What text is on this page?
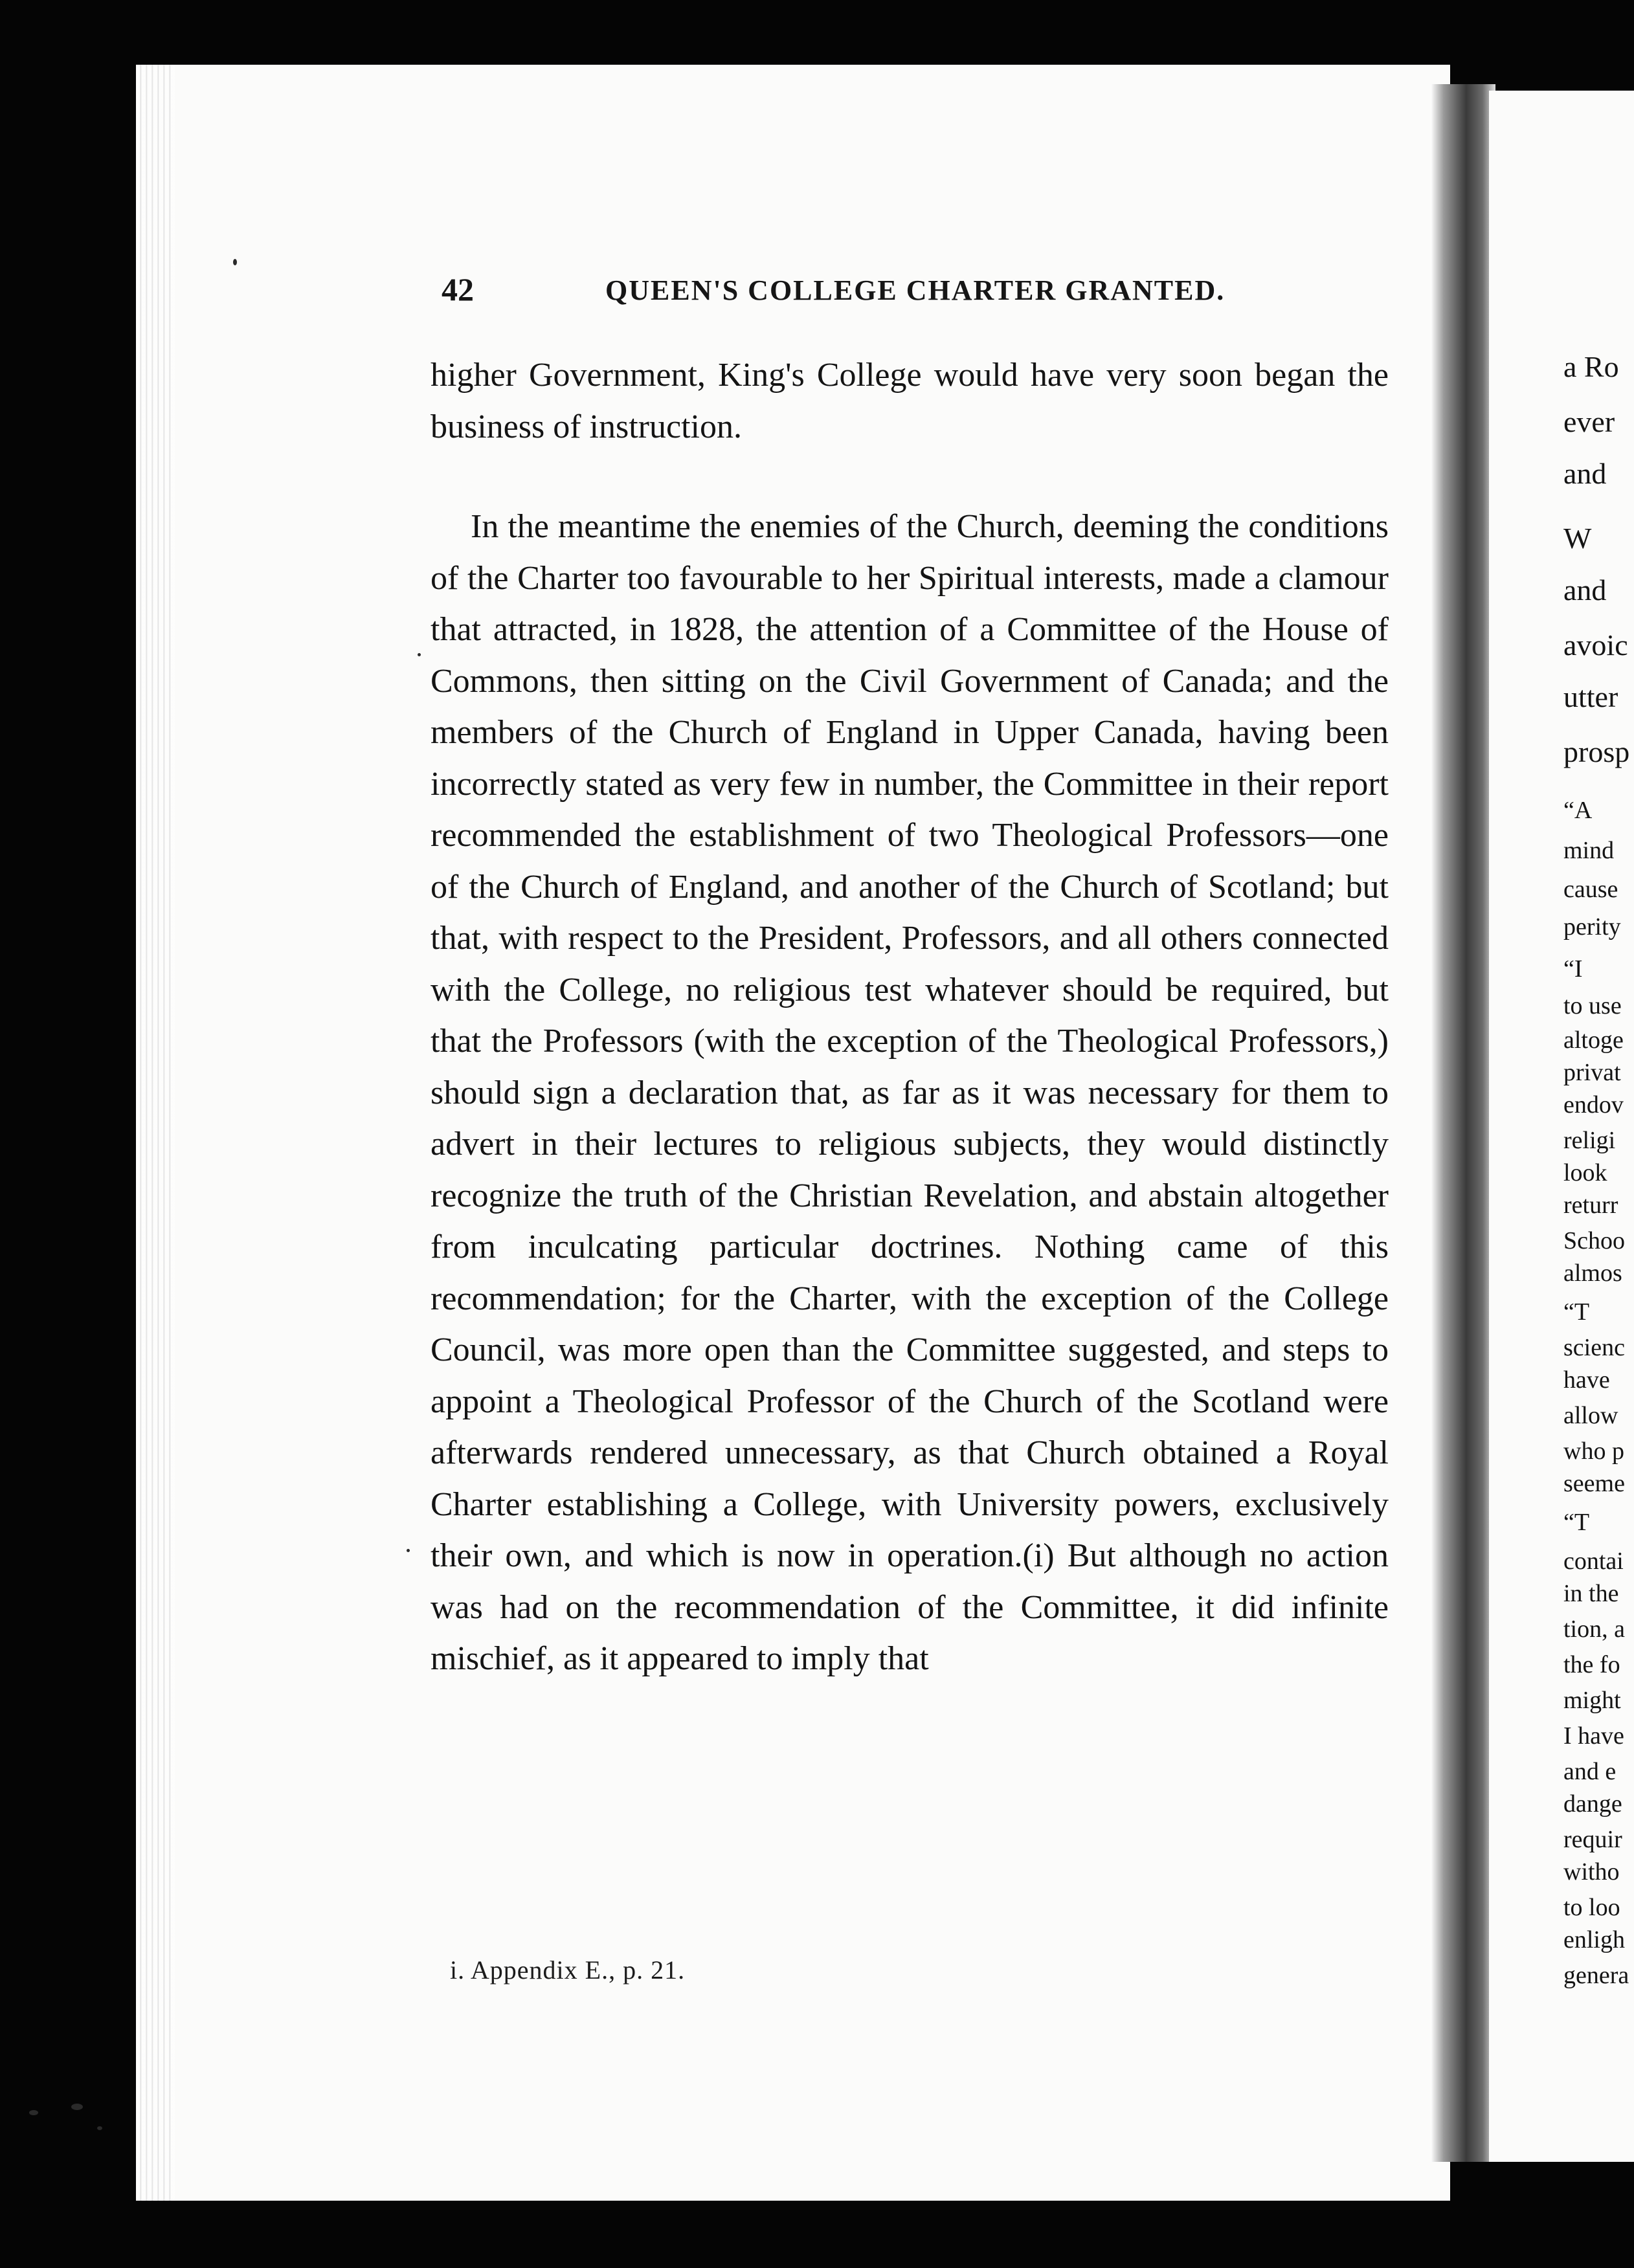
42	QUEEN'S COLLEGE CHARTER GRANTED.

higher Government, King's College would have very soon began the business of instruction.

In the meantime the enemies of the Church, deeming the conditions of the Charter too favourable to her Spiritual interests, made a clamour that attracted, in 1828, the attention of a Committee of the House of Commons, then sitting on the Civil Government of Canada; and the members of the Church of England in Upper Canada, having been incorrectly stated as very few in number, the Committee in their report recommended the establishment of two Theological Professors—one of the Church of England, and another of the Church of Scotland; but that, with respect to the President, Professors, and all others connected with the College, no religious test whatever should be required, but that the Professors (with the exception of the Theological Professors,) should sign a declaration that, as far as it was necessary for them to advert in their lectures to religious subjects, they would distinctly recognize the truth of the Christian Revelation, and abstain altogether from inculcating particular doctrines. Nothing came of this recommendation; for the Charter, with the exception of the College Council, was more open than the Committee suggested, and steps to appoint a Theological Professor of the Church of the Scotland were afterwards rendered unnecessary, as that Church obtained a Royal Charter establishing a College, with University powers, exclusively their own, and which is now in operation.(i) But although no action was had on the recommendation of the Committee, it did infinite mischief, as it appeared to imply that

i. Appendix E., p. 21.
a Ro
ever
and
W
and
avoic
utter
prosp
“A
mind
cause
perity
“I
to use
altoge
privat
endov
religi
look
returr
Schoo
almos
“T
scienc
have
allow
who p
seeme
“T
contai
in the
tion, a
the fo
might
I have
and e
dange
requir
witho
to loo
enligh
genera
